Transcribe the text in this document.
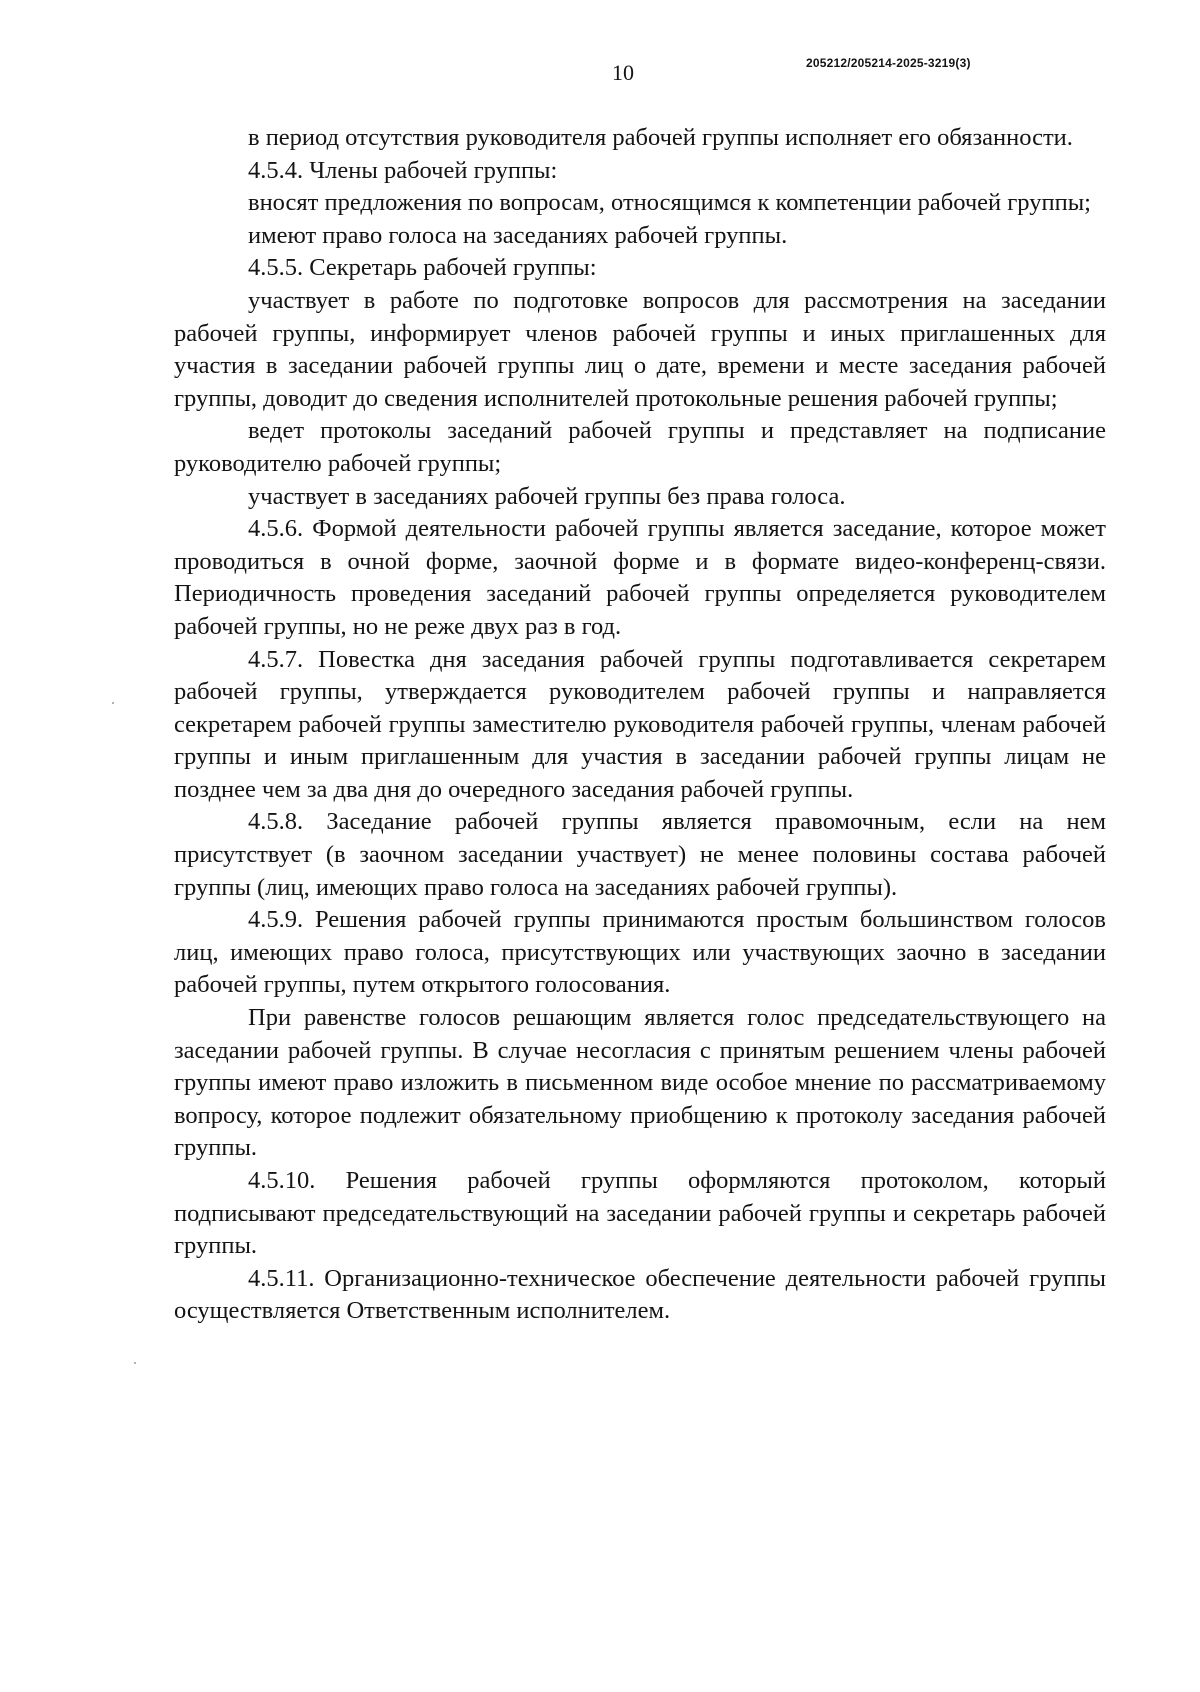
10	205212/205214-2025-3219(3)

в период отсутствия руководителя рабочей группы исполняет его обязанности.

4.5.4. Члены рабочей группы:

вносят предложения по вопросам, относящимся к компетенции рабочей группы;

имеют право голоса на заседаниях рабочей группы.

4.5.5. Секретарь рабочей группы:

участвует в работе по подготовке вопросов для рассмотрения на заседании рабочей группы, информирует членов рабочей группы и иных приглашенных для участия в заседании рабочей группы лиц о дате, времени и месте заседания рабочей группы, доводит до сведения исполнителей протокольные решения рабочей группы;

ведет протоколы заседаний рабочей группы и представляет на подписание руководителю рабочей группы;

участвует в заседаниях рабочей группы без права голоса.

4.5.6. Формой деятельности рабочей группы является заседание, которое может проводиться в очной форме, заочной форме и в формате видео-конференц-связи. Периодичность проведения заседаний рабочей группы определяется руководителем рабочей группы, но не реже двух раз в год.

4.5.7. Повестка дня заседания рабочей группы подготавливается секретарем рабочей группы, утверждается руководителем рабочей группы и направляется секретарем рабочей группы заместителю руководителя рабочей группы, членам рабочей группы и иным приглашенным для участия в заседании рабочей группы лицам не позднее чем за два дня до очередного заседания рабочей группы.

4.5.8. Заседание рабочей группы является правомочным, если на нем присутствует (в заочном заседании участвует) не менее половины состава рабочей группы (лиц, имеющих право голоса на заседаниях рабочей группы).

4.5.9. Решения рабочей группы принимаются простым большинством голосов лиц, имеющих право голоса, присутствующих или участвующих заочно в заседании рабочей группы, путем открытого голосования.

При равенстве голосов решающим является голос председательствующего на заседании рабочей группы. В случае несогласия с принятым решением члены рабочей группы имеют право изложить в письменном виде особое мнение по рассматриваемому вопросу, которое подлежит обязательному приобщению к протоколу заседания рабочей группы.

4.5.10. Решения рабочей группы оформляются протоколом, который подписывают председательствующий на заседании рабочей группы и секретарь рабочей группы.

4.5.11. Организационно-техническое обеспечение деятельности рабочей группы осуществляется Ответственным исполнителем.
